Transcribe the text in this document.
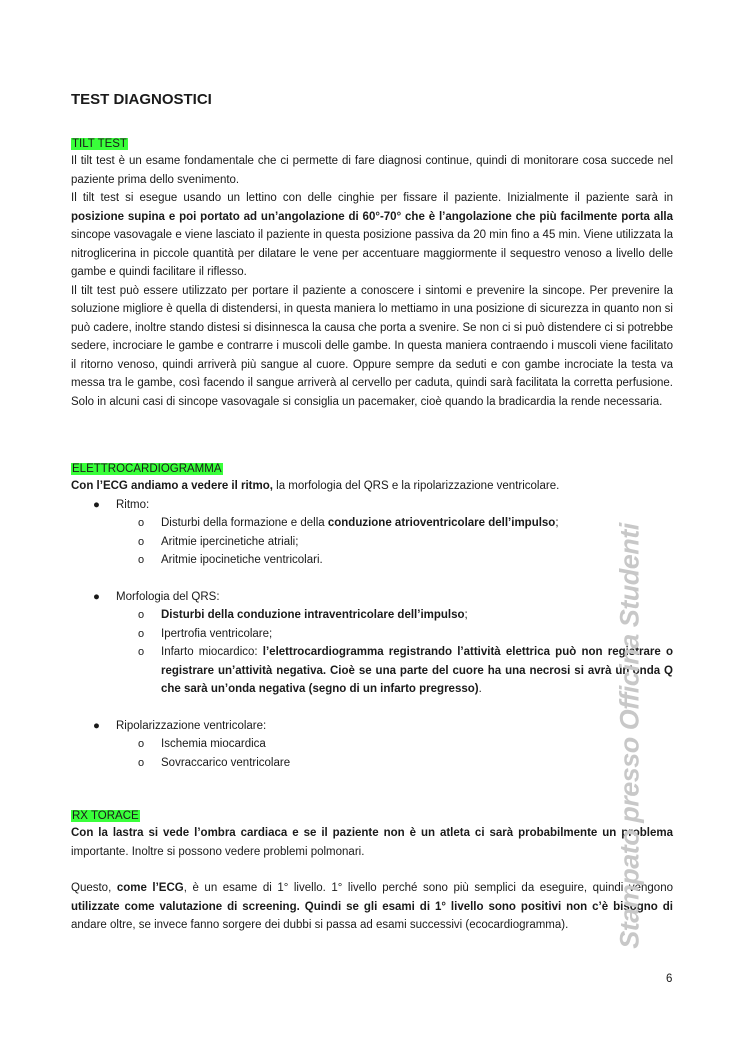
TEST DIAGNOSTICI
TILT TEST

Il tilt test è un esame fondamentale che ci permette di fare diagnosi continue, quindi di monitorare cosa succede nel paziente prima dello svenimento.

Il tilt test si esegue usando un lettino con delle cinghie per fissare il paziente. Inizialmente il paziente sarà in posizione supina e poi portato ad un’angolazione di 60°-70° che è l’angolazione che più facilmente porta alla sincope vasovagale e viene lasciato il paziente in questa posizione passiva da 20 min fino a 45 min. Viene utilizzata la nitroglicerina in piccole quantità per dilatare le vene per accentuare maggiormente il sequestro venoso a livello delle gambe e quindi facilitare il riflesso.

Il tilt test può essere utilizzato per portare il paziente a conoscere i sintomi e prevenire la sincope. Per prevenire la soluzione migliore è quella di distendersi, in questa maniera lo mettiamo in una posizione di sicurezza in quanto non si può cadere, inoltre stando distesi si disinnesca la causa che porta a svenire. Se non ci si può distendere ci si potrebbe sedere, incrociare le gambe e contrarre i muscoli delle gambe. In questa maniera contraendo i muscoli viene facilitato il ritorno venoso, quindi arriverà più sangue al cuore. Oppure sempre da seduti e con gambe incrociate la testa va messa tra le gambe, così facendo il sangue arriverà al cervello per caduta, quindi sarà facilitata la corretta perfusione. Solo in alcuni casi di sincope vasovagale si consiglia un pacemaker, cioè quando la bradicardia la rende necessaria.

ELETTROCARDIOGRAMMA

Con l’ECG andiamo a vedere il ritmo, la morfologia del QRS e la ripolarizzazione ventricolare.

● Ritmo:
o Disturbi della formazione e della conduzione atrioventricolare dell’impulso;
o Aritmie ipercinetiche atriali;
o Aritmie ipocinetiche ventricolari.
● Morfologia del QRS:
o Disturbi della conduzione intraventricolare dell’impulso;
o Ipertrofia ventricolare;
o Infarto miocardico: l’elettrocardiogramma registrando l’attività elettrica può non registrare o registrare un’attività negativa. Cioè se una parte del cuore ha una necrosi si avrà un’onda Q che sarà un’onda negativa (segno di un infarto pregresso).
● Ripolarizzazione ventricolare:
o Ischemia miocardica
o Sovraccarico ventricolare
RX TORACE

Con la lastra si vede l’ombra cardiaca e se il paziente non è un atleta ci sarà probabilmente un problema importante. Inoltre si possono vedere problemi polmonari.

Questo, come l’ECG, è un esame di 1° livello. 1° livello perché sono più semplici da eseguire, quindi vengono utilizzate come valutazione di screening. Quindi se gli esami di 1° livello sono positivi non c’è bisogno di andare oltre, se invece fanno sorgere dei dubbi si passa ad esami successivi (ecocardiogramma).	Stampato presso Officina Studenti
6
